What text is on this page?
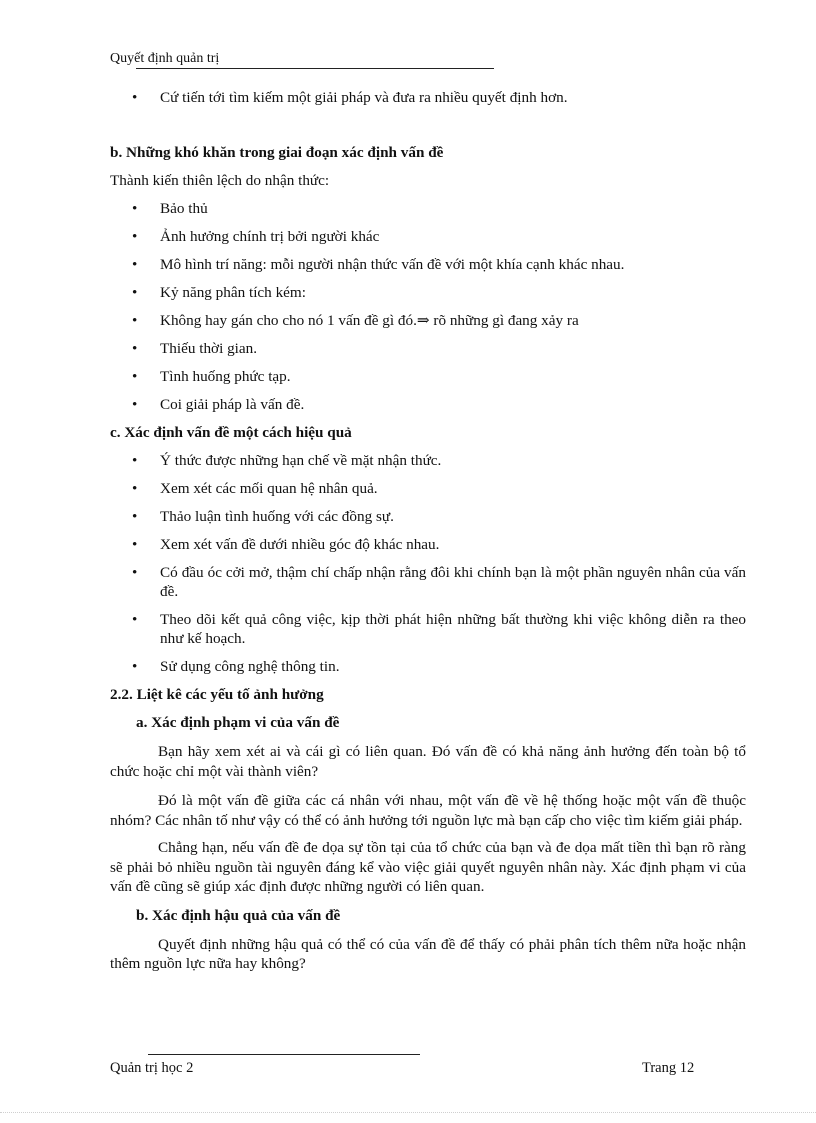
Quyết định quản trị
• Cứ tiến tới tìm kiếm một giải pháp và đưa ra nhiều quyết định hơn.
b. Những khó khăn trong giai đoạn xác định vấn đề
Thành kiến thiên lệch do nhận thức:
• Bảo thủ
• Ảnh hưởng chính trị bởi người khác
• Mô hình trí năng: mỗi người nhận thức vấn đề với một khía cạnh khác nhau.
• Kỷ năng phân tích kém:
• Không hay gán cho cho nó 1 vấn đề gì đó.⇒ rõ những gì đang xảy ra
• Thiếu thời gian.
• Tình huống phức tạp.
• Coi giải pháp là vấn đề.
c. Xác định vấn đề một cách hiệu quả
• Ý thức được những hạn chế về mặt nhận thức.
• Xem xét các mối quan hệ nhân quả.
• Thảo luận tình huống với các đồng sự.
• Xem xét vấn đề dưới nhiều góc độ khác nhau.
• Có đầu óc cởi mở, thậm chí chấp nhận rằng đôi khi chính bạn là một phần nguyên nhân của vấn đề.
• Theo dõi kết quả công việc, kịp thời phát hiện những bất thường khi việc không diễn ra theo như kế hoạch.
• Sử dụng công nghệ thông tin.
2.2. Liệt kê các yếu tố ảnh hưởng
a. Xác định phạm vi của vấn đề
Bạn hãy xem xét ai và cái gì có liên quan. Đó vấn đề có khả năng ảnh hưởng đến toàn bộ tổ chức hoặc chỉ một vài thành viên?
Đó là một vấn đề giữa các cá nhân với nhau, một vấn đề về hệ thống hoặc một vấn đề thuộc nhóm? Các nhân tố như vậy có thể có ảnh hưởng tới nguồn lực mà bạn cấp cho việc tìm kiếm giải pháp.
Chẳng hạn, nếu vấn đề đe dọa sự tồn tại của tổ chức của bạn và đe dọa mất tiền thì bạn rõ ràng sẽ phải bỏ nhiều nguồn tài nguyên đáng kể vào việc giải quyết nguyên nhân này. Xác định phạm vi của vấn đề cũng sẽ giúp xác định được những người có liên quan.
b. Xác định hậu quả của vấn đề
Quyết định những hậu quả có thể có của vấn đề để thấy có phải phân tích thêm nữa hoặc nhận thêm nguồn lực nữa hay không?
Quản trị học 2	Trang 12
